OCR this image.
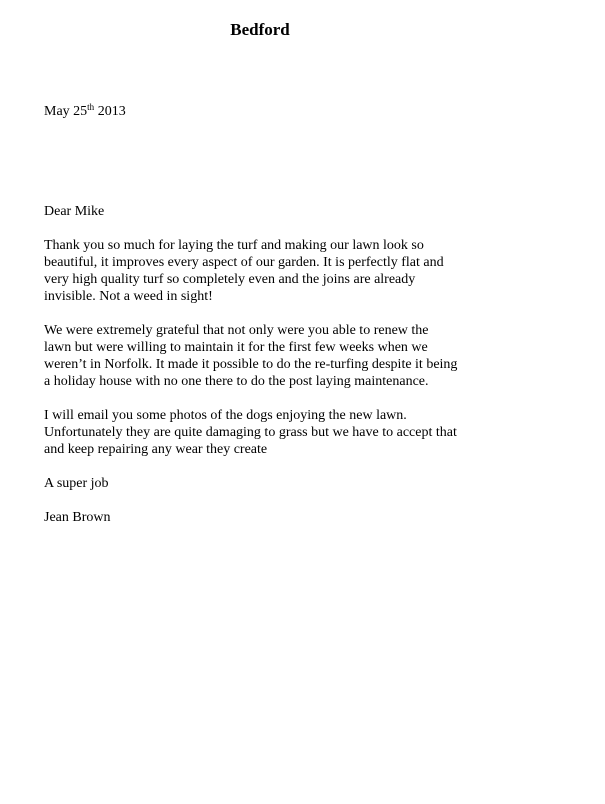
Bedford
May 25th 2013
Dear Mike

Thank you so much for laying the turf and making our lawn look so
beautiful, it improves every aspect of our garden. It is perfectly flat and
very high quality turf so completely even and the joins are already
invisible. Not a weed in sight!

We were extremely grateful that not only were you able to renew the
lawn but were willing to maintain it for the first few weeks when we
weren’t in Norfolk. It made it possible to do the re-turfing despite it being
a holiday house with no one there to do the post laying maintenance.

I will email you some photos of the dogs enjoying the new lawn.
Unfortunately they are quite damaging to grass but we have to accept that
and keep repairing any wear they create

A super job

Jean Brown
